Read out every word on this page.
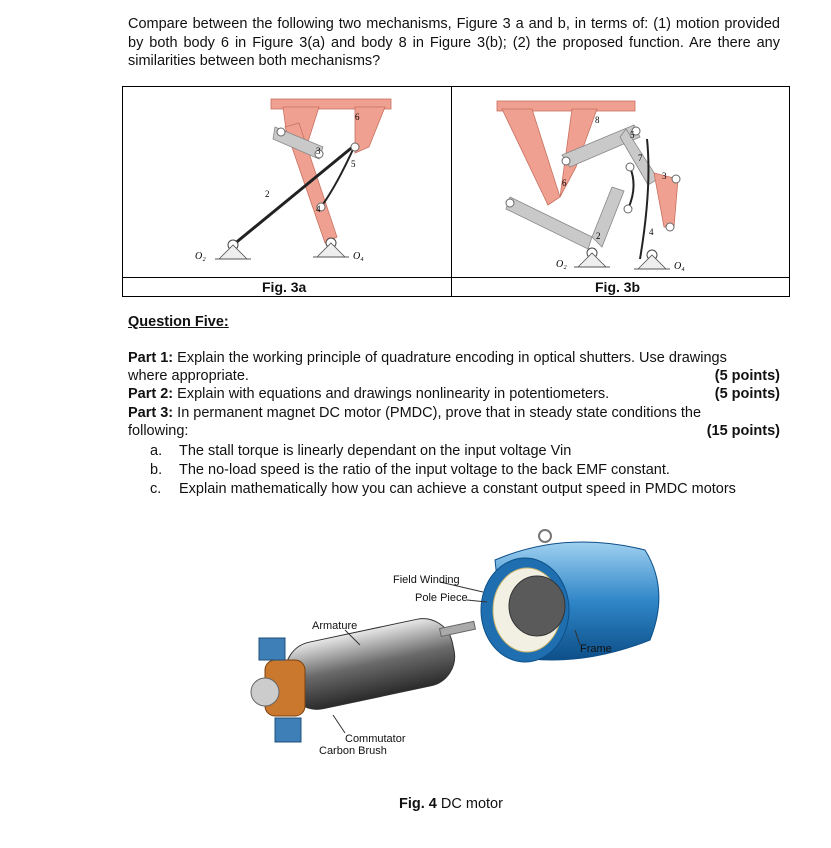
Compare between the following two mechanisms, Figure 3 a and b, in terms of: (1) motion provided by both body 6 in Figure 3(a) and body 8 in Figure 3(b); (2) the proposed function. Are there any similarities between both mechanisms?

2
3
4
5
6
O₂	O₄
2
3
4
5
6
7
8
O₂	O₄
Fig. 3a	Fig. 3b

Question Five:

Part 1: Explain the working principle of quadrature encoding in optical shutters. Use drawings
where appropriate.	(5 points)
Part 2: Explain with equations and drawings nonlinearity in potentiometers.	(5 points)
Part 3: In permanent magnet DC motor (PMDC), prove that in steady state conditions the
following:	(15 points)

a. The stall torque is linearly dependant on the input voltage Vin

b. The no-load speed is the ratio of the input voltage to the back EMF constant.

c. Explain mathematically how you can achieve a constant output speed in PMDC motors

Field Winding
Pole Piece
Armature
Frame
Commutator
Carbon Brush
Fig. 4 DC motor
